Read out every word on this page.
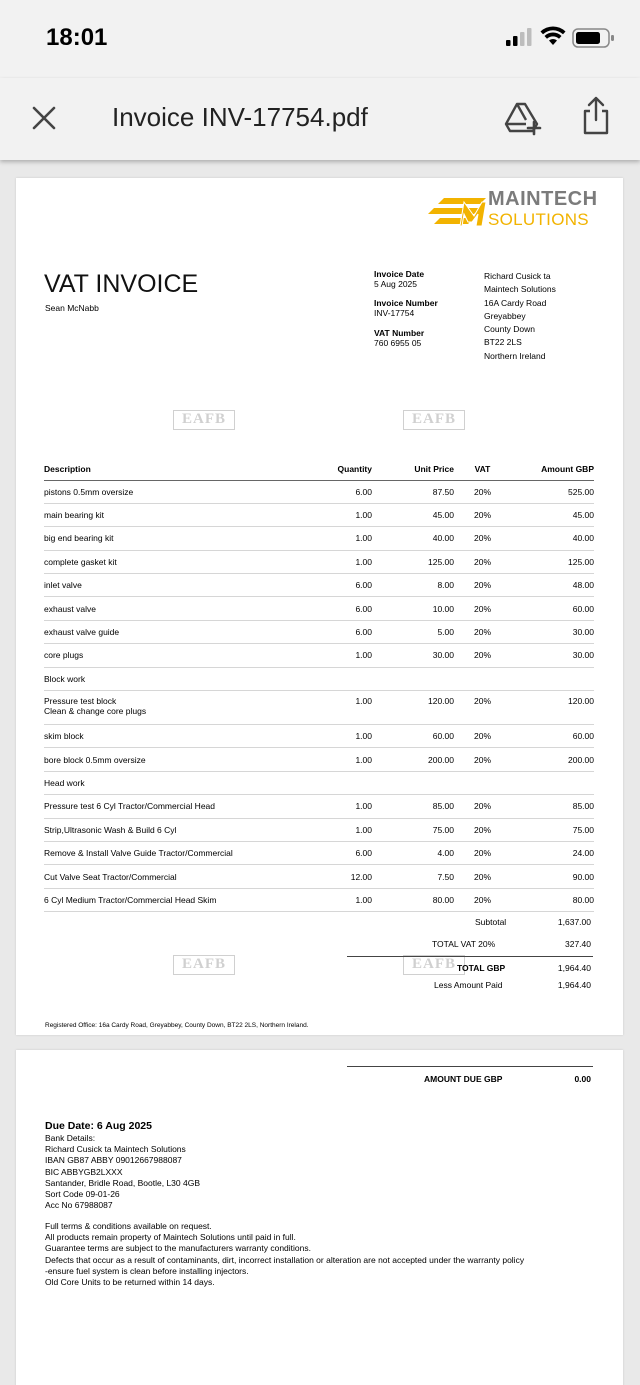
18:01
Invoice INV-17754.pdf
MAINTECH
SOLUTIONS
VAT INVOICE
Sean McNabb
Invoice Date
5 Aug 2025
Invoice Number
INV-17754
VAT Number
760 6955 05
Richard Cusick ta
Maintech Solutions
16A Cardy Road
Greyabbey
County Down
BT22 2LS
Northern Ireland
EAFB	EAFB
EAFB	EAFB
Description	Quantity	Unit Price	VAT	Amount GBP

pistons 0.5mm oversize	6.00	87.50	20%	525.00

main bearing kit	1.00	45.00	20%	45.00

big end bearing kit	1.00	40.00	20%	40.00

complete gasket kit	1.00	125.00	20%	125.00

inlet valve	6.00	8.00	20%	48.00

exhaust valve	6.00	10.00	20%	60.00

exhaust valve guide	6.00	5.00	20%	30.00

core plugs	1.00	30.00	20%	30.00

Block work				

Pressure test block
Clean & change core plugs	1.00	120.00	20%	120.00

skim block	1.00	60.00	20%	60.00

bore block 0.5mm oversize	1.00	200.00	20%	200.00

Head work				

Pressure test 6 Cyl Tractor/Commercial Head	1.00	85.00	20%	85.00

Strip,Ultrasonic Wash & Build 6 Cyl	1.00	75.00	20%	75.00

Remove & Install Valve Guide Tractor/Commercial	6.00	4.00	20%	24.00

Cut Valve Seat Tractor/Commercial	12.00	7.50	20%	90.00

6 Cyl Medium Tractor/Commercial Head Skim	1.00	80.00	20%	80.00
Subtotal	1,637.00
TOTAL VAT 20%	327.40
TOTAL GBP	1,964.40
Less Amount Paid	1,964.40
Registered Office: 16a Cardy Road, Greyabbey, County Down, BT22 2LS, Northern Ireland.
AMOUNT DUE GBP	0.00
Due Date: 6 Aug 2025
Bank Details:
Richard Cusick ta Maintech Solutions
IBAN GB87 ABBY 09012667988087
BIC ABBYGB2LXXX
Santander, Bridle Road, Bootle, L30 4GB
Sort Code 09-01-26
Acc No 67988087
Full terms & conditions available on request.
All products remain property of Maintech Solutions until paid in full.
Guarantee terms are subject to the manufacturers warranty conditions.
Defects that occur as a result of contaminants, dirt, incorrect installation or alteration are not accepted under the warranty policy
-ensure fuel system is clean before installing injectors.
Old Core Units to be returned within 14 days.
